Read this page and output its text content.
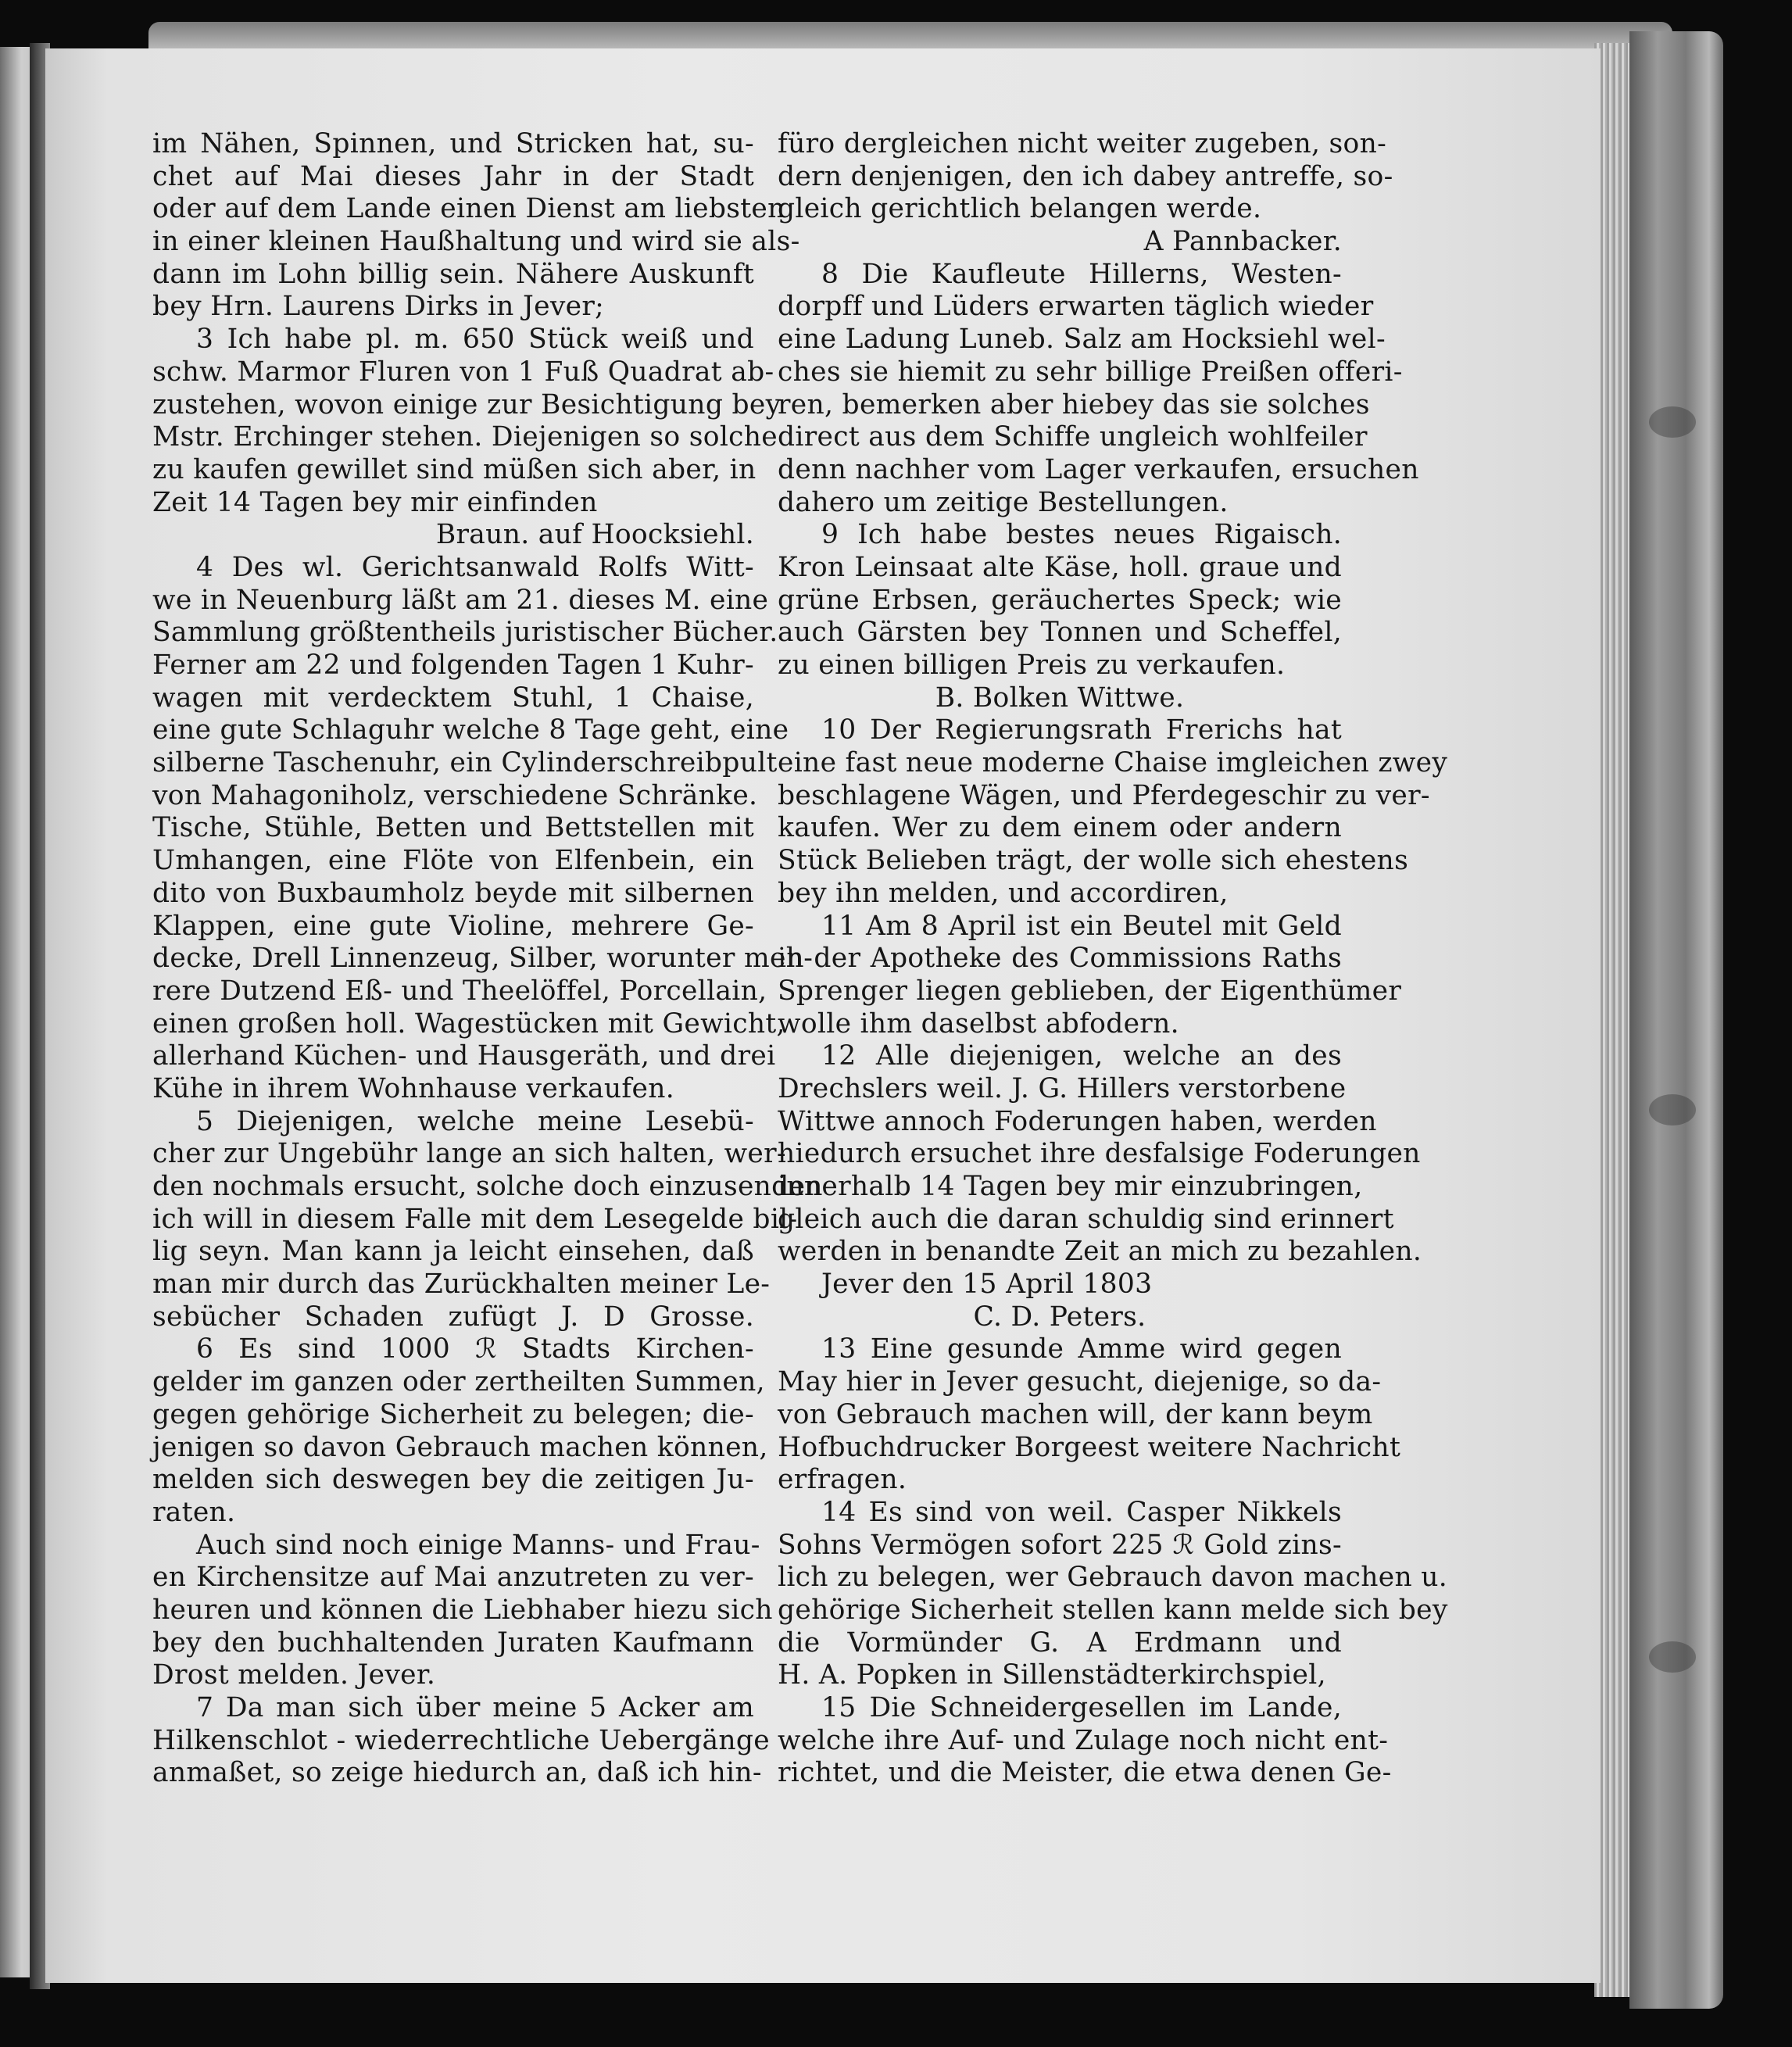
im Nähen, Spinnen, und Stricken hat, su-
chet auf Mai dieses Jahr in der Stadt
oder auf dem Lande einen Dienst am liebsten
in einer kleinen Haußhaltung und wird sie als-
dann im Lohn billig sein. Nähere Auskunft
bey Hrn. Laurens Dirks in Jever;
3 Ich habe pl. m. 650 Stück weiß und
schw. Marmor Fluren von 1 Fuß Quadrat ab-
zustehen, wovon einige zur Besichtigung bey
Mstr. Erchinger stehen. Diejenigen so solche
zu kaufen gewillet sind müßen sich aber, in
Zeit 14 Tagen bey mir einfinden
Braun. auf Hoocksiehl.
4 Des wl. Gerichtsanwald Rolfs Witt-
we in Neuenburg läßt am 21. dieses M. eine
Sammlung größtentheils juristischer Bücher.
Ferner am 22 und folgenden Tagen 1 Kuhr-
wagen mit verdecktem Stuhl, 1 Chaise,
eine gute Schlaguhr welche 8 Tage geht, eine
silberne Taschenuhr, ein Cylinderschreibpult
von Mahagoniholz, verschiedene Schränke.
Tische, Stühle, Betten und Bettstellen mit
Umhangen, eine Flöte von Elfenbein, ein
dito von Buxbaumholz beyde mit silbernen
Klappen, eine gute Violine, mehrere Ge-
decke, Drell Linnenzeug, Silber, worunter meh-
rere Dutzend Eß- und Theelöffel, Porcellain,
einen großen holl. Wagestücken mit Gewicht,
allerhand Küchen- und Hausgeräth, und drei
Kühe in ihrem Wohnhause verkaufen.
5 Diejenigen, welche meine Lesebü-
cher zur Ungebühr lange an sich halten, wer-
den nochmals ersucht, solche doch einzusenden
ich will in diesem Falle mit dem Lesegelde bil-
lig seyn. Man kann ja leicht einsehen, daß
man mir durch das Zurückhalten meiner Le-
sebücher Schaden zufügt J. D Grosse.
6 Es sind 1000 ℛ Stadts Kirchen-
gelder im ganzen oder zertheilten Summen,
gegen gehörige Sicherheit zu belegen; die-
jenigen so davon Gebrauch machen können,
melden sich deswegen bey die zeitigen Ju-
raten.
Auch sind noch einige Manns- und Frau-
en Kirchensitze auf Mai anzutreten zu ver-
heuren und können die Liebhaber hiezu sich
bey den buchhaltenden Juraten Kaufmann
Drost melden. Jever.
7 Da man sich über meine 5 Acker am
Hilkenschlot - wiederrechtliche Uebergänge
anmaßet, so zeige hiedurch an, daß ich hin-
füro dergleichen nicht weiter zugeben, son-
dern denjenigen, den ich dabey antreffe, so-
gleich gerichtlich belangen werde.
A Pannbacker.
8 Die Kaufleute Hillerns, Westen-
dorpff und Lüders erwarten täglich wieder
eine Ladung Luneb. Salz am Hocksiehl wel-
ches sie hiemit zu sehr billige Preißen offeri-
ren, bemerken aber hiebey das sie solches
direct aus dem Schiffe ungleich wohlfeiler
denn nachher vom Lager verkaufen, ersuchen
dahero um zeitige Bestellungen.
9 Ich habe bestes neues Rigaisch.
Kron Leinsaat alte Käse, holl. graue und
grüne Erbsen, geräuchertes Speck; wie
auch Gärsten bey Tonnen und Scheffel,
zu einen billigen Preis zu verkaufen.
B. Bolken Wittwe.
10 Der Regierungsrath Frerichs hat
eine fast neue moderne Chaise imgleichen zwey
beschlagene Wägen, und Pferdegeschir zu ver-
kaufen. Wer zu dem einem oder andern
Stück Belieben trägt, der wolle sich ehestens
bey ihn melden, und accordiren,
11 Am 8 April ist ein Beutel mit Geld
in der Apotheke des Commissions Raths
Sprenger liegen geblieben, der Eigenthümer
wolle ihm daselbst abfodern.
12 Alle diejenigen, welche an des
Drechslers weil. J. G. Hillers verstorbene
Wittwe annoch Foderungen haben, werden
hiedurch ersuchet ihre desfalsige Foderungen
innerhalb 14 Tagen bey mir einzubringen,
gleich auch die daran schuldig sind erinnert
werden in benandte Zeit an mich zu bezahlen.
Jever den 15 April 1803
C. D. Peters.
13 Eine gesunde Amme wird gegen
May hier in Jever gesucht, diejenige, so da-
von Gebrauch machen will, der kann beym
Hofbuchdrucker Borgeest weitere Nachricht
erfragen.
14 Es sind von weil. Casper Nikkels
Sohns Vermögen sofort 225 ℛ Gold zins-
lich zu belegen, wer Gebrauch davon machen u.
gehörige Sicherheit stellen kann melde sich bey
die Vormünder G. A Erdmann und
H. A. Popken in Sillenstädterkirchspiel,
15 Die Schneidergesellen im Lande,
welche ihre Auf- und Zulage noch nicht ent-
richtet, und die Meister, die etwa denen Ge-
